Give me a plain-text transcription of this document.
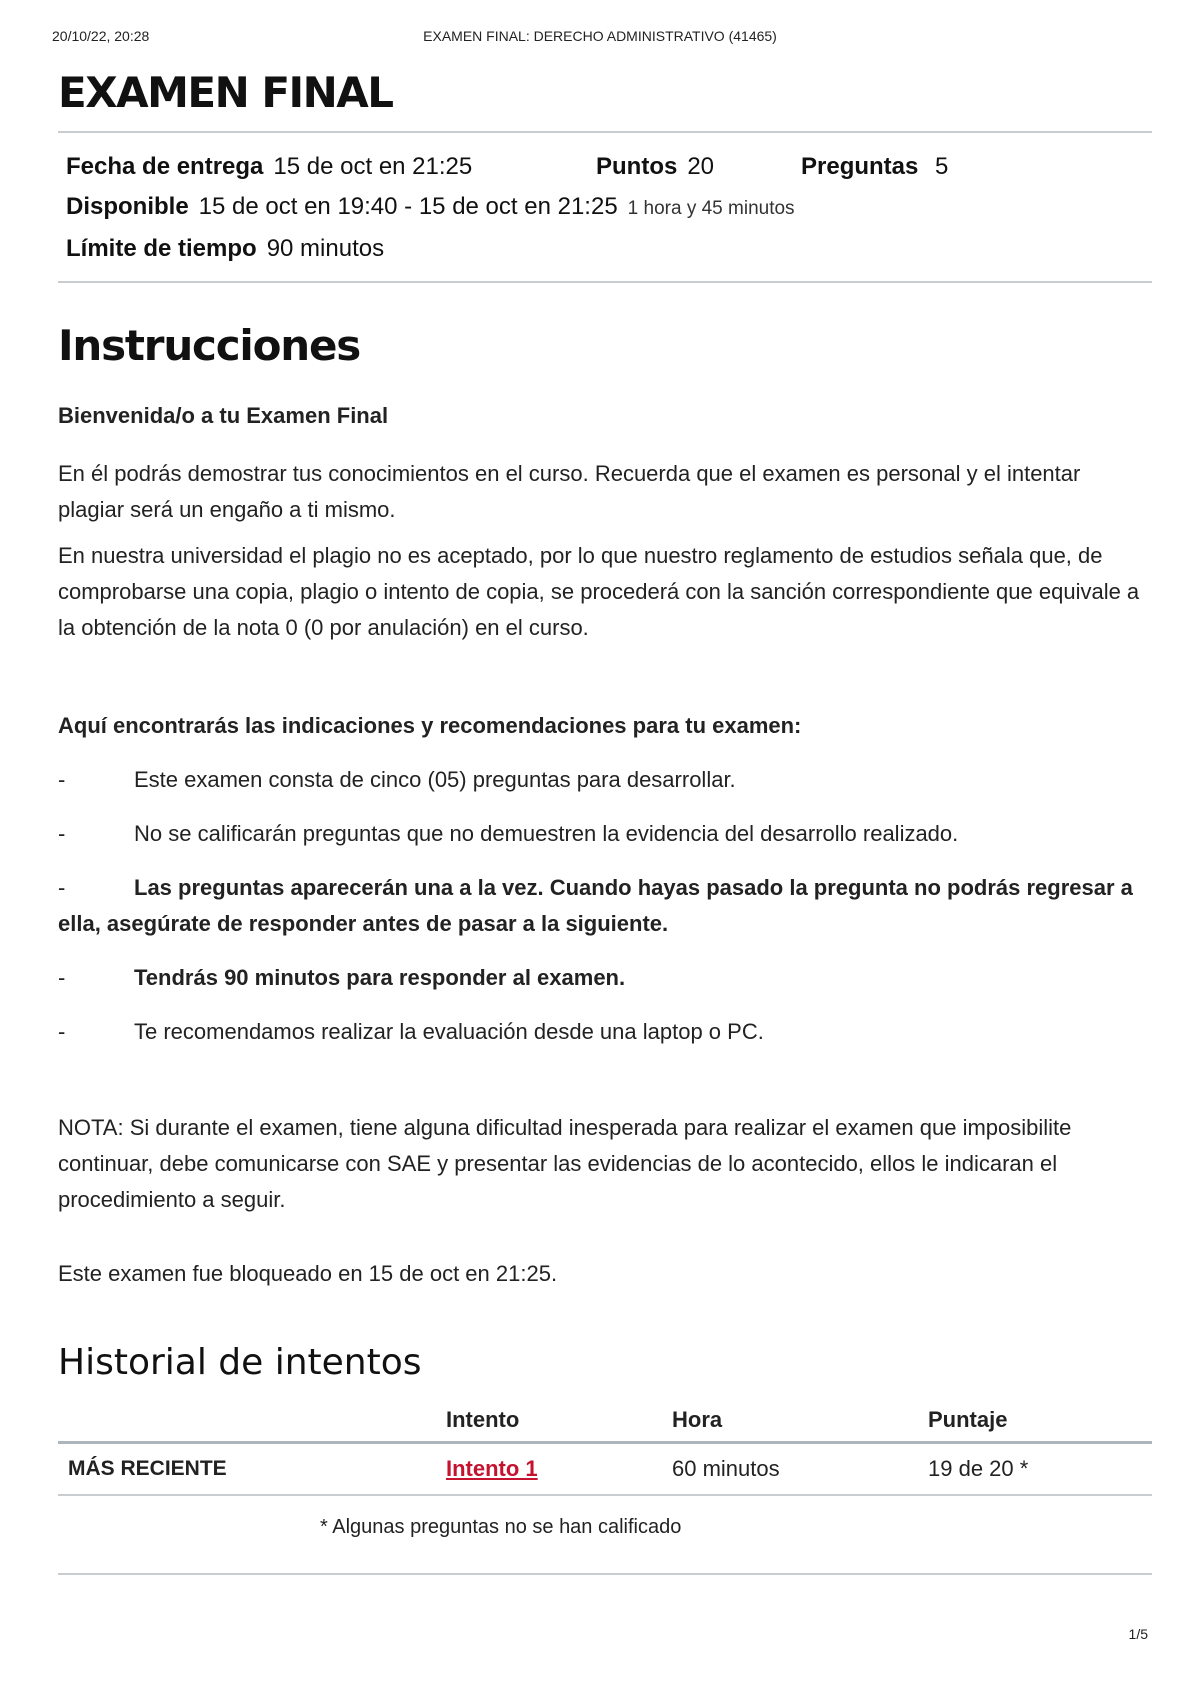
20/10/22, 20:28	EXAMEN FINAL: DERECHO ADMINISTRATIVO (41465)
EXAMEN FINAL
Fecha de entrega 15 de oct en 21:25	Puntos 20	Preguntas 5
Disponible 15 de oct en 19:40 - 15 de oct en 21:25 1 hora y 45 minutos
Límite de tiempo 90 minutos
Instrucciones

Bienvenida/o a tu Examen Final

En él podrás demostrar tus conocimientos en el curso. Recuerda que el examen es personal y el intentar plagiar será un engaño a ti mismo.

En nuestra universidad el plagio no es aceptado, por lo que nuestro reglamento de estudios señala que, de comprobarse una copia, plagio o intento de copia, se procederá con la sanción correspondiente que equivale a la obtención de la nota 0 (0 por anulación) en el curso.

Aquí encontrarás las indicaciones y recomendaciones para tu examen:

-	Este examen consta de cinco (05) preguntas para desarrollar.
-	No se calificarán preguntas que no demuestren la evidencia del desarrollo realizado.

-	Las preguntas aparecerán una a la vez. Cuando hayas pasado la pregunta no podrás regresar a ella, asegúrate de responder antes de pasar a la siguiente.

-	Tendrás 90 minutos para responder al examen.
-	Te recomendamos realizar la evaluación desde una laptop o PC.

NOTA: Si durante el examen, tiene alguna dificultad inesperada para realizar el examen que imposibilite continuar, debe comunicarse con SAE y presentar las evidencias de lo acontecido, ellos le indicaran el procedimiento a seguir.

Este examen fue bloqueado en 15 de oct en 21:25.

Historial de intentos
	Intento	Hora	Puntaje
MÁS RECIENTE	Intento 1	60 minutos	19 de 20 *

* Algunas preguntas no se han calificado

1/5
